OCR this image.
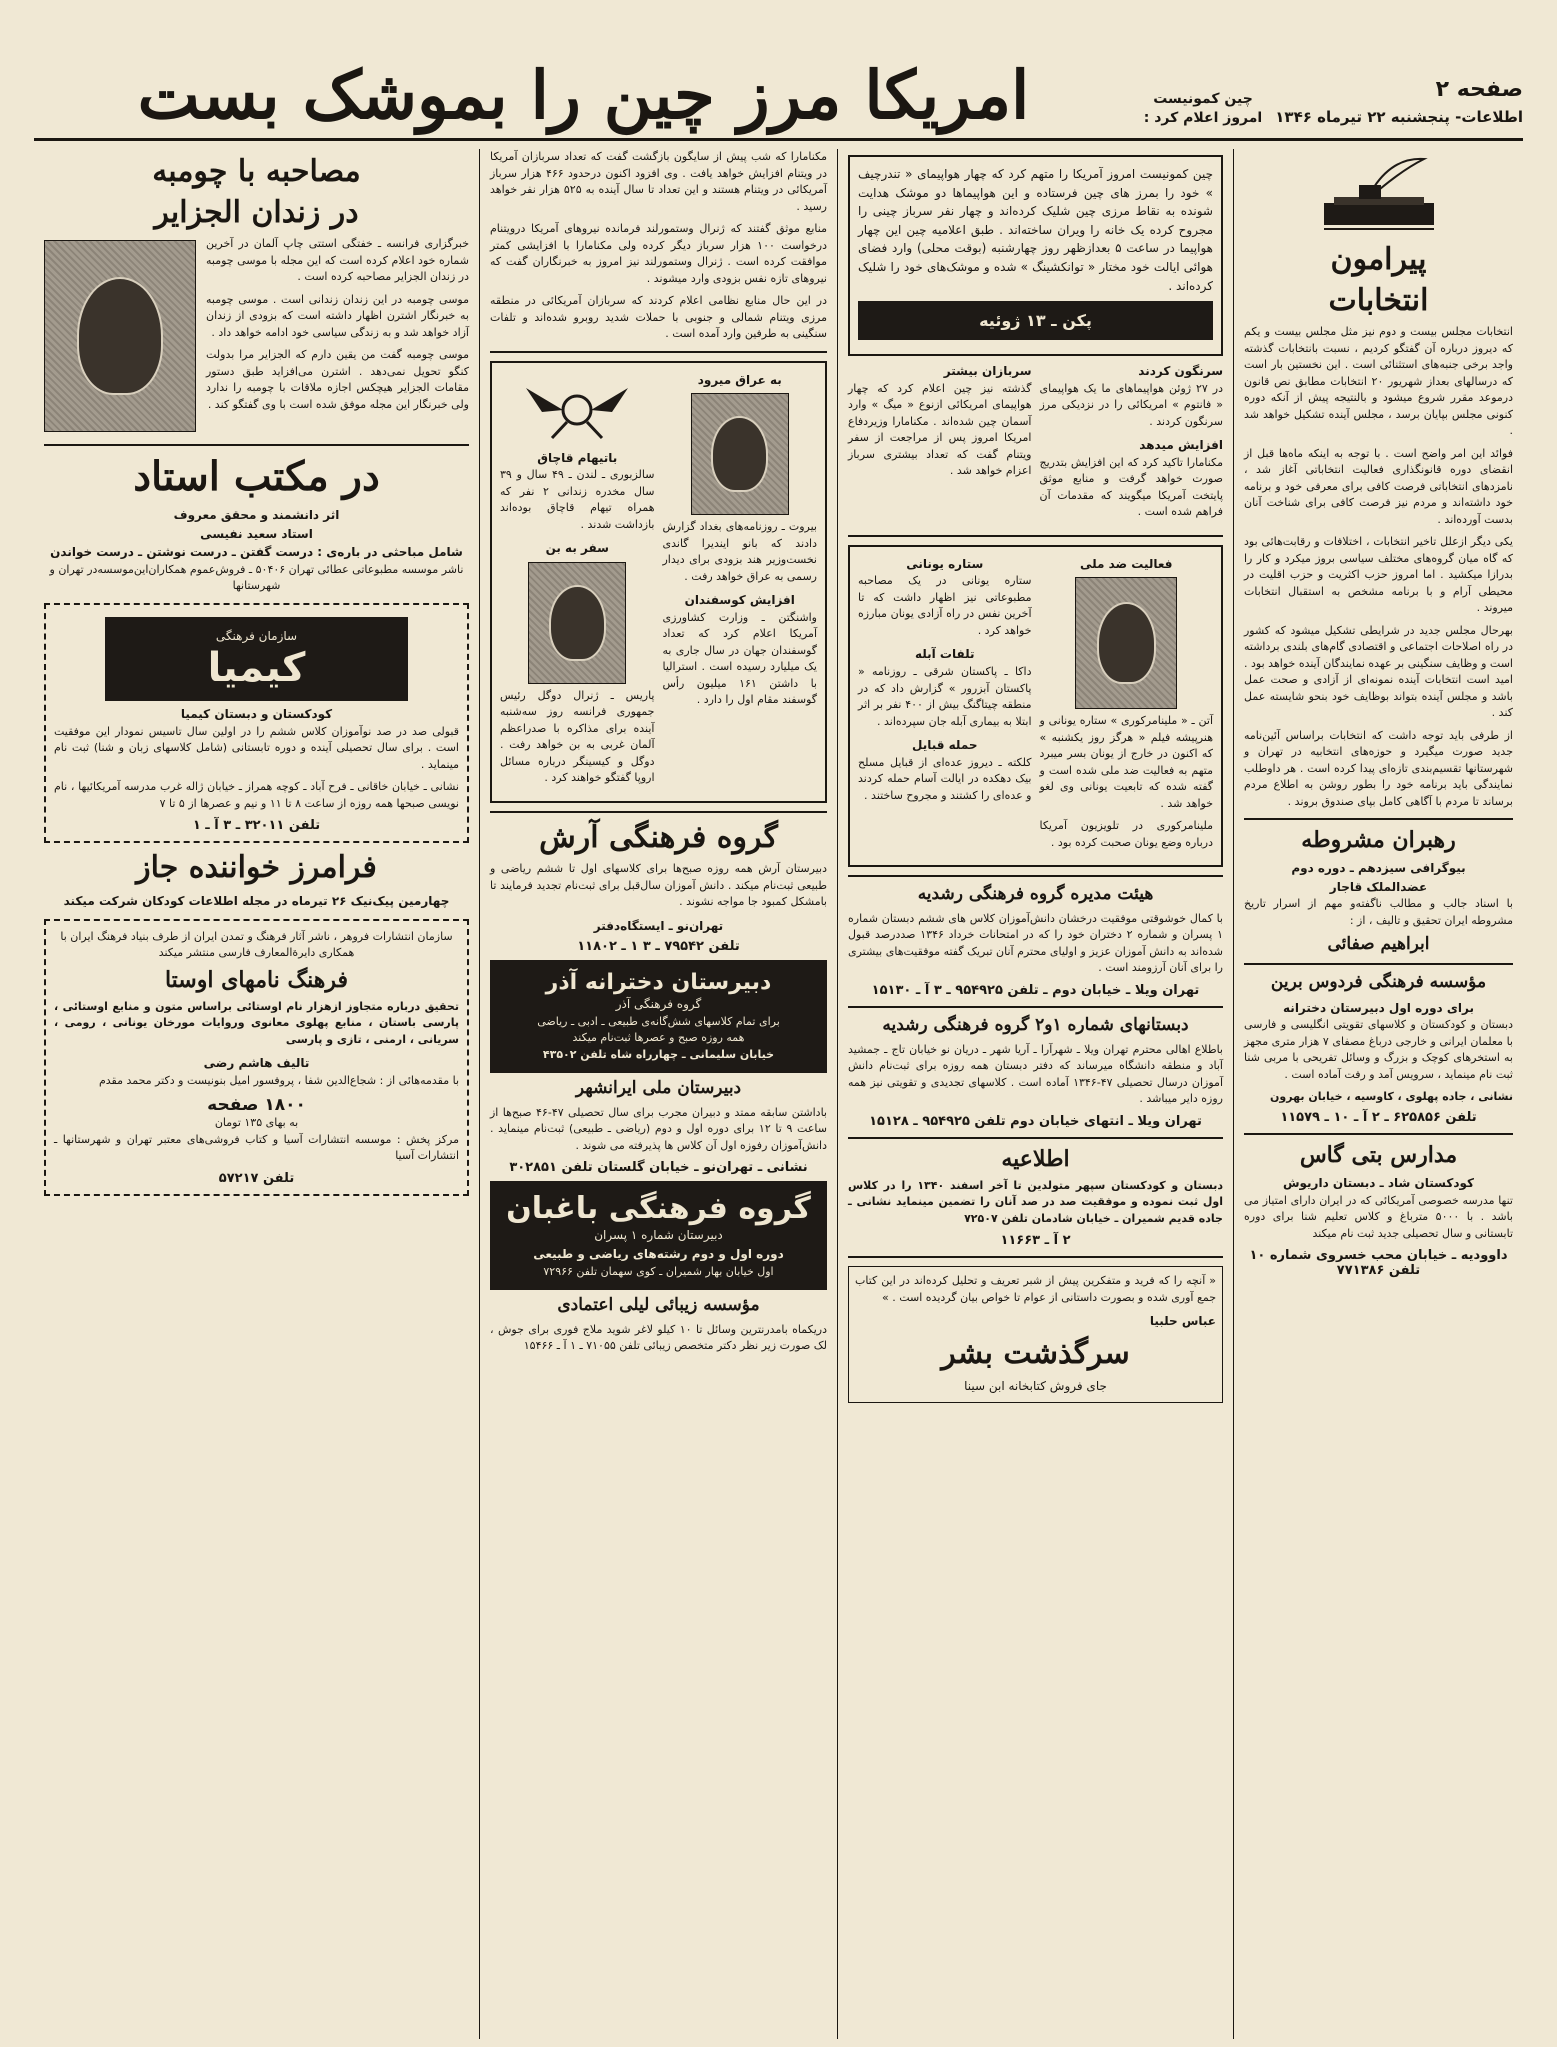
صفحه ۲
اطلاعات- پنجشنبه ۲۲ تیرماه ۱۳۴۶
چین کمونیست امروز اعلام کرد :
امریکا مرز چین را بموشک بست
پیرامون
انتخابات

انتخابات مجلس بیست و دوم نیز مثل مجلس بیست و یکم که دیروز درباره آن گفتگو کردیم ، نسبت بانتخابات گذشته واجد برخی جنبه‌های استثنائی است . این نخستین بار است که درسالهای بعداز شهریور ۲۰ انتخابات مطابق نص قانون درموعد مقرر شروع میشود و بالنتیجه پیش از آنکه دوره کنونی مجلس بپایان برسد ، مجلس آینده تشکیل خواهد شد .

فوائد این امر واضح است . با توجه به اینکه ماه‌ها قبل از انقضای دوره قانونگذاری فعالیت انتخاباتی آغاز شد ، نامزدهای انتخاباتی فرصت کافی برای معرفی خود و برنامه خود داشته‌اند و مردم نیز فرصت کافی برای شناخت آنان بدست آورده‌اند .

یکی دیگر ازعلل تاخیر انتخابات ، اختلافات و رقابت‌هائی بود که گاه میان گروه‌های مختلف سیاسی بروز میکرد و کار را بدرازا میکشید . اما امروز حزب اکثریت و حزب اقلیت در محیطی آرام و با برنامه مشخص به استقبال انتخابات میروند .

بهرحال مجلس جدید در شرایطی تشکیل میشود که کشور در راه اصلاحات اجتماعی و اقتصادی گام‌های بلندی برداشته است و وظایف سنگینی بر عهده نمایندگان آینده خواهد بود . امید است انتخابات آینده نمونه‌ای از آزادی و صحت عمل باشد و مجلس آینده بتواند بوظایف خود بنحو شایسته عمل کند .

از طرفی باید توجه داشت که انتخابات براساس آئین‌نامه جدید صورت میگیرد و حوزه‌های انتخابیه در تهران و شهرستانها تقسیم‌بندی تازه‌ای پیدا کرده است . هر داوطلب نمایندگی باید برنامه خود را بطور روشن به اطلاع مردم برساند تا مردم با آگاهی کامل بپای صندوق بروند .

رهبران مشروطه
بیوگرافی سیزدهم ـ دوره دوم
عضدالملک قاجار

با اسناد جالب و مطالب ناگفته‌و مهم از اسرار تاریخ مشروطه ایران تحقیق و تالیف ، از :

ابراهیم صفائی
مؤسسه فرهنگی فردوس برین
برای دوره اول دبیرستان دخترانه

دبستان و کودکستان و کلاسهای تقویتی انگلیسی و فارسی با معلمان ایرانی و خارجی درباغ مصفای ۷ هزار متری مجهز به استخرهای کوچک و بزرگ و وسائل تفریحی با مربی شنا ثبت نام مینماید ، سرویس آمد و رفت آماده است .

نشانی ، جاده پهلوی ، کاوسیه ، خیابان بهرون
تلفن ۶۲۵۸۵۶ ـ ۲ آ ـ ۱۰ ـ ۱۱۵۷۹
مدارس بتی گاس
کودکستان شاد ـ دبستان داریوش

تنها مدرسه خصوصی آمریکائی که در ایران دارای امتیاز می باشد . با ۵۰۰۰ مترباغ و کلاس تعلیم شنا برای دوره تابستانی و سال تحصیلی جدید ثبت نام میکند

داوودیه ـ خیابان محب خسروی شماره ۱۰ تلفن ۷۷۱۳۸۶

چین کمونیست امروز آمریکا را متهم کرد که چهار هواپیمای « تندرچیف » خود را بمرز های چین فرستاده و این هواپیماها دو موشک هدایت شونده به نقاط مرزی چین شلیک کرده‌اند و چهار نفر سرباز چینی را مجروح کرده یک خانه را ویران ساخته‌اند . طبق اعلامیه چین این چهار هواپیما در ساعت ۵ بعدازظهر روز چهارشنبه (بوقت محلی) وارد فضای هوائی ایالت خود مختار « توانکشینگ » شده و موشک‌های خود را شلیک کرده‌اند .

پکن ـ ۱۳ ژوئیه
سرنگون کردند

در ۲۷ ژوئن هواپیماهای ما یک هواپیمای « فانتوم » امریکائی را در نزدیکی مرز سرنگون کردند .

افزایش میدهد

مکنامارا تاکید کرد که این افزایش بتدریج صورت خواهد گرفت و منابع موثق پایتخت آمریکا میگویند که مقدمات آن فراهم شده است .

سربازان بیشتر

گذشته نیز چین اعلام کرد که چهار هواپیمای امریکائی ازنوع « میگ » وارد آسمان چین شده‌اند . مکنامارا وزیردفاع امریکا امروز پس از مراجعت از سفر ویتنام گفت که تعداد بیشتری سرباز اعزام خواهد شد .

فعالیت ضد ملی

آتن ـ « ملینامرکوری » ستاره یونانی و هنرپیشه فیلم « هرگز روز یکشنبه » که اکنون در خارج از یونان بسر میبرد متهم به فعالیت ضد ملی شده است و گفته شده که تابعیت یونانی وی لغو خواهد شد .

ملینامرکوری در تلویزیون آمریکا درباره وضع یونان صحبت کرده بود .

ستاره یونانی

ستاره یونانی در یک مصاحبه مطبوعاتی نیز اظهار داشت که تا آخرین نفس در راه آزادی یونان مبارزه خواهد کرد .

تلفات آبله

داکا ـ پاکستان شرقی ـ روزنامه « پاکستان آبزرور » گزارش داد که در منطقه چیتاگنگ بیش از ۴۰۰ نفر بر اثر ابتلا به بیماری آبله جان سپرده‌اند .

حمله قبایل

کلکته ـ دیروز عده‌ای از قبایل مسلح بیک دهکده در ایالت آسام حمله کردند و عده‌ای را کشتند و مجروح ساختند .

هیئت مدیره گروه فرهنگی رشدیه

با کمال خوشوقتی موفقیت درخشان دانش‌آموزان کلاس های ششم دبستان شماره ۱ پسران و شماره ۲ دختران خود را که در امتحانات خرداد ۱۳۴۶ صددرصد قبول شده‌اند به دانش آموزان عزیز و اولیای محترم آنان تبریک گفته موفقیت‌های بیشتری را برای آنان آرزومند است .

تهران ویلا ـ خیابان دوم ـ تلفن ۹۵۴۹۲۵ ـ ۳ آ ـ ۱۵۱۳۰
دبستانهای شماره ۱و۲ گروه فرهنگی رشدیه

باطلاع اهالی محترم تهران ویلا ـ شهرآرا ـ آریا شهر ـ دریان نو خیابان تاج ـ جمشید آباد و منطقه دانشگاه میرساند که دفتر دبستان همه روزه برای ثبت‌نام دانش آموزان درسال تحصیلی ۴۷-۱۳۴۶ آماده است . کلاسهای تجدیدی و تقویتی نیز همه روزه دایر میباشد .

تهران ویلا ـ انتهای خیابان دوم تلفن ۹۵۴۹۲۵ ـ ۱۵۱۲۸
اطلاعیه

دبستان و کودکستان سپهر متولدین تا آخر اسفند ۱۳۴۰ را در کلاس اول ثبت نموده و موفقیت صد در صد آنان را تضمین مینماید نشانی ـ جاده قدیم شمیران ـ خیابان شادمان تلفن ۷۲۵۰۷

۲ آ ـ ۱۱۶۶۳

« آنچه را که فرید و متفکرین پیش از شبر تعریف و تحلیل کرده‌اند در این کتاب جمع آوری شده و بصورت داستانی از عوام تا خواص بیان گردیده است . »

عباس حلبیا
سرگذشت بشر
جای فروش کتابخانه ابن سینا

مکنامارا که شب پیش از سایگون بازگشت گفت که تعداد سربازان آمریکا در ویتنام افزایش خواهد یافت . وی افزود اکنون درحدود ۴۶۶ هزار سرباز آمریکائی در ویتنام هستند و این تعداد تا سال آینده به ۵۲۵ هزار نفر خواهد رسید .

منابع موثق گفتند که ژنرال وستمورلند فرمانده نیروهای آمریکا درویتنام درخواست ۱۰۰ هزار سرباز دیگر کرده ولی مکنامارا با افزایشی کمتر موافقت کرده است . ژنرال وستمورلند نیز امروز به خبرنگاران گفت که نیروهای تازه نفس بزودی وارد میشوند .

در این حال منابع نظامی اعلام کردند که سربازان آمریکائی در منطقه مرزی ویتنام شمالی و جنوبی با حملات شدید روبرو شده‌اند و تلفات سنگینی به طرفین وارد آمده است .

به عراق میرود

بیروت ـ روزنامه‌های بغداد گزارش دادند که بانو ایندیرا گاندی نخست‌وزیر هند بزودی برای دیدار رسمی به عراق خواهد رفت .

افزایش کوسفندان

واشنگتن ـ وزارت کشاورزی آمریکا اعلام کرد که تعداد گوسفندان جهان در سال جاری به یک میلیارد رسیده است . استرالیا با داشتن ۱۶۱ میلیون رأس گوسفند مقام اول را دارد .

باتیهام قاچاق

سالزبوری ـ لندن ـ ۴۹ سال و ۳۹ سال مخدره زندانی ۲ نفر که همراه تیهام قاچاق بوده‌اند بازداشت شدند .

سفر به بن

پاریس ـ ژنرال دوگل رئیس جمهوری فرانسه روز سه‌شنبه آینده برای مذاکره با صدراعظم آلمان غربی به بن خواهد رفت . دوگل و کیسینگر درباره مسائل اروپا گفتگو خواهند کرد .

گروه فرهنگی آرش

دبیرستان آرش همه روزه صبح‌ها برای کلاسهای اول تا ششم ریاضی و طبیعی ثبت‌نام میکند . دانش آموزان سال‌قبل برای ثبت‌نام تجدید فرمایند تا بامشکل کمبود جا مواجه نشوند .

تهران‌نو ـ ایستگاه‌دفتر
تلفن ۷۹۵۴۲ ـ ۳ ۱ ـ ۱۱۸۰۲
دبیرستان دخترانه آذر
گروه فرهنگی آذر
برای تمام کلاسهای شش‌گانه‌ی طبیعی ـ ادبی ـ ریاضی
همه روزه صبح و عصرها ثبت‌نام میکند
خیابان سلیمانی ـ چهارراه شاه تلفن ۴۳۵۰۲
دبیرستان ملی ایرانشهر

باداشتن سابقه ممتد و دبیران مجرب برای سال تحصیلی ۴۷-۴۶ صبح‌ها از ساعت ۹ تا ۱۲ برای دوره اول و دوم (ریاضی ـ طبیعی) ثبت‌نام مینماید . دانش‌آموزان رفوزه اول آن کلاس ها پذیرفته می شوند .

نشانی ـ تهران‌نو ـ خیابان گلستان تلفن ۳۰۲۸۵۱
گروه فرهنگی باغبان
دبیرستان شماره ۱ پسران
دوره اول و دوم رشته‌های ریاضی و طبیعی
اول خیابان بهار شمیران ـ کوی سهمان تلفن ۷۲۹۶۶
مؤسسه زیبائی لیلی اعتمادی

دریکماه بامدرنترین وسائل تا ۱۰ کیلو لاغر شوید ملاج فوری برای جوش ، لک صورت زیر نظر دکتر متخصص زیبائی تلفن ۷۱۰۵۵ ـ ۱ آ ـ ۱۵۴۶۶

مصاحبه با چومبه
در زندان الجزایر

خبرگزاری فرانسه ـ خفتگی استتی چاپ آلمان در آخرین شماره خود اعلام کرده است که این مجله با موسی چومبه در زندان الجزایر مصاحبه کرده است .

موسی چومبه در این زندان زندانی است . موسی چومبه به خبرنگار اشترن اظهار داشته است که بزودی از زندان آزاد خواهد شد و به زندگی سیاسی خود ادامه خواهد داد .

موسی چومبه گفت من یقین دارم که الجزایر مرا بدولت کنگو تحویل نمی‌دهد . اشترن می‌افزاید طبق دستور مقامات الجزایر هیچکس اجازه ملاقات با چومبه را ندارد ولی خبرنگار این مجله موفق شده است با وی گفتگو کند .

در مکتب استاد
اثر دانشمند و محقق معروف
استاد سعید نفیسی
شامل مباحثی در باره‌ی : درست گفتن ـ درست نوشتن ـ درست خواندن
ناشر موسسه مطبوعاتی عطائی تهران ۵۰۴۰۶ ـ فروش‌عموم همکاران‌این‌موسسه‌در تهران و شهرستانها
سازمان فرهنگی
کیمیا
کودکستان و دبستان کیمیا

قبولی صد در صد نوآموزان کلاس ششم را در اولین سال تاسیس نمودار این موفقیت است . برای سال تحصیلی آینده و دوره تابستانی (شامل کلاسهای زبان و شنا) ثبت نام مینماید .

نشانی ـ خیابان خاقانی ـ فرح آباد ـ کوچه همراز ـ خیابان ژاله غرب مدرسه آمریکائیها ، نام نویسی صبحها همه روزه از ساعت ۸ تا ۱۱ و نیم و عصرها از ۵ تا ۷

تلفن ۳۲۰۱۱ ـ ۳ آ ـ ۱
فرامرز خواننده جاز
چهارمین پیک‌نیک ۲۶ تیرماه در مجله اطلاعات کودکان شرکت میکند

سازمان انتشارات فروهر ، ناشر آثار فرهنگ و تمدن ایران از طرف بنیاد فرهنگ ایران با همکاری دایرة‌المعارف فارسی منتشر میکند

فرهنگ نامهای اوستا

تحقیق درباره متجاوز ازهزار نام اوستائی براساس متون و منابع اوستائی ، پارسی باستان ، منابع پهلوی معانوی وروایات مورخان یونانی ، رومی ، سریانی ، ارمنی ، تازی و پارسی

تالیف هاشم رضی

با مقدمه‌ها‌ئی از : شجاع‌الدین شفا ، پروفسور امیل بنونیست و دکتر محمد مقدم

۱۸۰۰ صفحه
به بهای ۱۳۵ تومان

مرکز پخش : موسسه انتشارات آسیا و کتاب فروشی‌های معتبر تهران و شهرستانها ـ انتشارات آسیا

تلفن ۵۷۲۱۷
